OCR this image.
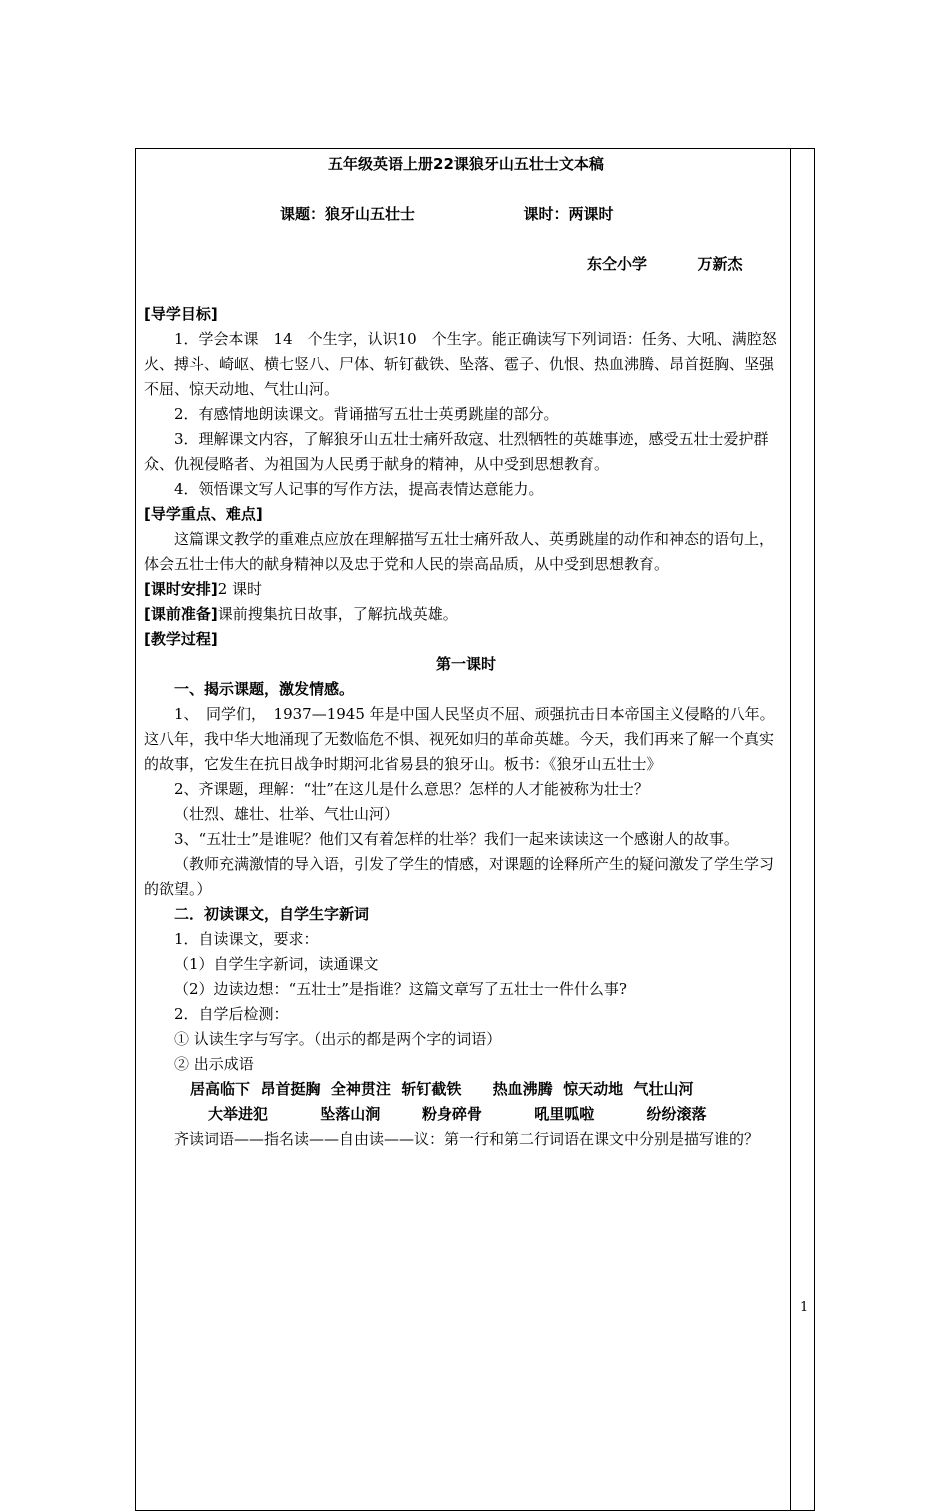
五年级英语上册22课狼牙山五壮士文本稿

课题：狼牙山五壮士	课时：两课时

东仝小学	万新杰

[导学目标]

1．学会本课　14　个生字，认识10　个生字。能正确读写下列词语：任务、大吼、满腔怒火、搏斗、崎岖、横七竖八、尸体、斩钉截铁、坠落、雹子、仇恨、热血沸腾、昂首挺胸、坚强不屈、惊天动地、气壮山河。

2．有感情地朗读课文。背诵描写五壮士英勇跳崖的部分。

3．理解课文内容，了解狼牙山五壮士痛歼敌寇、壮烈牺牲的英雄事迹，感受五壮士爱护群众、仇视侵略者、为祖国为人民勇于献身的精神，从中受到思想教育。

4．领悟课文写人记事的写作方法，提高表情达意能力。

[导学重点、难点]

这篇课文教学的重难点应放在理解描写五壮士痛歼敌人、英勇跳崖的动作和神态的语句上，体会五壮士伟大的献身精神以及忠于党和人民的崇高品质，从中受到思想教育。

[课时安排]2 课时

[课前准备]课前搜集抗日故事，了解抗战英雄。

[教学过程]

第一课时

一、揭示课题，激发情感。

1、　同学们，　1937—1945 年是中国人民坚贞不屈、顽强抗击日本帝国主义侵略的八年。这八年，我中华大地涌现了无数临危不惧、视死如归的革命英雄。今天，我们再来了解一个真实的故事，它发生在抗日战争时期河北省易县的狼牙山。板书：《狼牙山五壮士》

2、齐课题，理解：“壮”在这儿是什么意思？怎样的人才能被称为壮士？

（壮烈、雄壮、壮举、气壮山河）

3、“五壮士”是谁呢？他们又有着怎样的壮举？我们一起来读读这一个感谢人的故事。

（教师充满激情的导入语，引发了学生的情感，对课题的诠释所产生的疑问激发了学生学习的欲望。）

二．初读课文，自学生字新词

1．自读课文，要求：

（1）自学生字新词，读通课文

（2）边读边想：“五壮士”是指谁？这篇文章写了五壮士一件什么事?

2．自学后检测：

① 认读生字与写字。（出示的都是两个字的词语）

② 出示成语

居高临下  昂首挺胸  全神贯注  斩钉截铁      热血沸腾  惊天动地  气壮山河

大举进犯          坠落山涧        粉身碎骨          吼里呱啦          纷纷滚落

齐读词语——指名读——自由读——议：第一行和第二行词语在课文中分别是描写谁的？

1
